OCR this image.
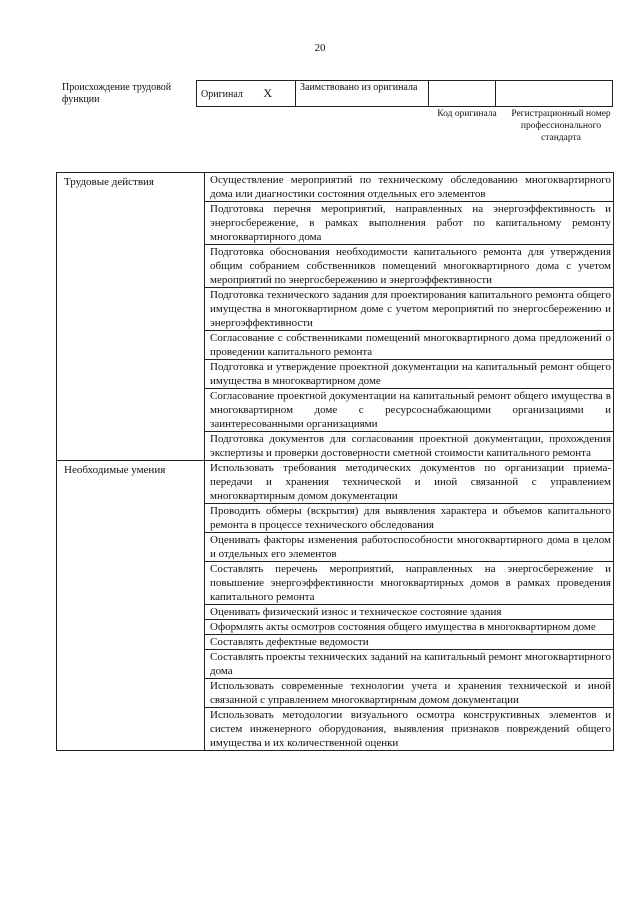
20
Происхождение трудовой функции	Оригинал X	Заимствовано из оригинала		
Код оригинала	Регистрационный номер профессионального стандарта
Трудовые действия	Осуществление мероприятий по техническому обследованию многоквартирного дома или диагностики состояния отдельных его элементов
	Подготовка перечня мероприятий, направленных на энергоэффективность и энергосбережение, в рамках выполнения работ по капитальному ремонту многоквартирного дома
	Подготовка обоснования необходимости капитального ремонта для утверждения общим собранием собственников помещений многоквартирного дома с учетом мероприятий по энергосбережению и энергоэффективности
	Подготовка технического задания для проектирования капитального ремонта общего имущества в многоквартирном доме с учетом мероприятий по энергосбережению и энергоэффективности
	Согласование с собственниками помещений многоквартирного дома предложений о проведении капитального ремонта
	Подготовка и утверждение проектной документации на капитальный ремонт общего имущества в многоквартирном доме
	Согласование проектной документации на капитальный ремонт общего имущества в многоквартирном доме с ресурсоснабжающими организациями и заинтересованными организациями
	Подготовка документов для согласования проектной документации, прохождения экспертизы и проверки достоверности сметной стоимости капитального ремонта
Необходимые умения	Использовать требования методических документов по организации приема-передачи и хранения технической и иной связанной с управлением многоквартирным домом документации
	Проводить обмеры (вскрытия) для выявления характера и объемов капитального ремонта в процессе технического обследования
	Оценивать факторы изменения работоспособности многоквартирного дома в целом и отдельных его элементов
	Составлять перечень мероприятий, направленных на энергосбережение и повышение энергоэффективности многоквартирных домов в рамках проведения капитального ремонта
	Оценивать физический износ и техническое состояние здания
	Оформлять акты осмотров состояния общего имущества в многоквартирном доме
	Составлять дефектные ведомости
	Составлять проекты технических заданий на капитальный ремонт многоквартирного дома
	Использовать современные технологии учета и хранения технической и иной связанной с управлением многоквартирным домом документации
	Использовать методологии визуального осмотра конструктивных элементов и систем инженерного оборудования, выявления признаков повреждений общего имущества и их количественной оценки
